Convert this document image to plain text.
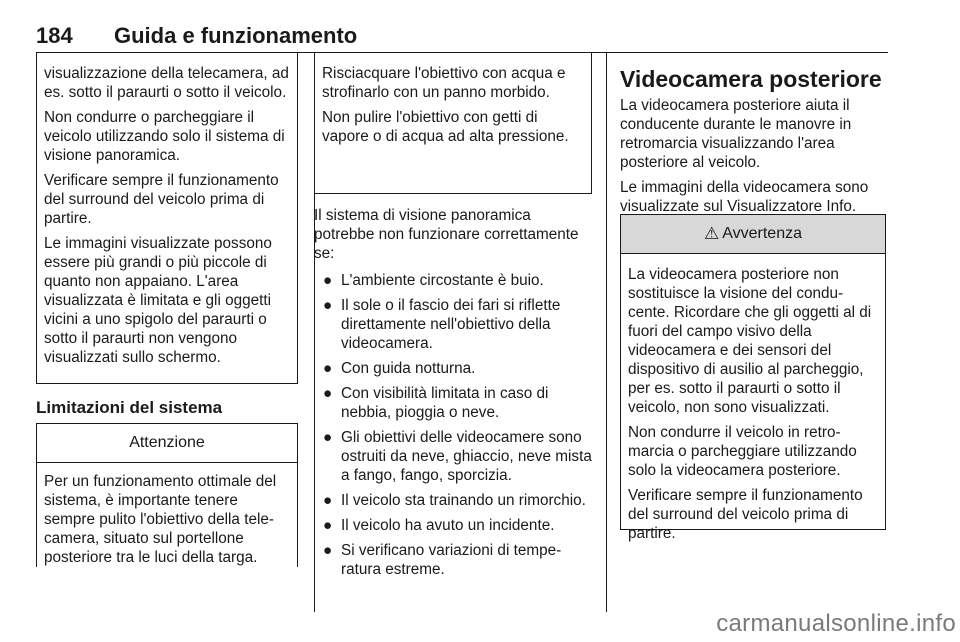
184 Guida e funzionamento

visualizzazione della telecamera, ad es. sotto il paraurti o sotto il veicolo.

Non condurre o parcheggiare il veicolo utilizzando solo il sistema di visione panoramica.

Verificare sempre il funzionamento del surround del veicolo prima di partire.

Le immagini visualizzate possono essere più grandi o più piccole di quanto non appaiano. L'area visualizzata è limitata e gli oggetti vicini a uno spigolo del paraurti o sotto il paraurti non vengono visualizzati sullo schermo.

Limitazioni del sistema
Attenzione

Per un funzionamento ottimale del sistema, è importante tenere sempre pulito l'obiettivo della telecamera, situato sul portellone posteriore tra le luci della targa.

Risciacquare l'obiettivo con acqua e strofinarlo con un panno morbido.

Non pulire l'obiettivo con getti di vapore o di acqua ad alta pressione.

Il sistema di visione panoramica potrebbe non funzionare correttamente se:

● L'ambiente circostante è buio.
● Il sole o il fascio dei fari si riflette direttamente nell'obiettivo della videocamera.
● Con guida notturna.
● Con visibilità limitata in caso di nebbia, pioggia o neve.
● Gli obiettivi delle videocamere sono ostruiti da neve, ghiaccio, neve mista a fango, fango, sporcizia.
● Il veicolo sta trainando un rimorchio.
● Il veicolo ha avuto un incidente.
● Si verificano variazioni di temperatura estreme.
Videocamera posteriore

La videocamera posteriore aiuta il conducente durante le manovre in retromarcia visualizzando l'area posteriore al veicolo.

Le immagini della videocamera sono visualizzate sul Visualizzatore Info.

⚠ Avvertenza

La videocamera posteriore non sostituisce la visione del conducente. Ricordare che gli oggetti al di fuori del campo visivo della videocamera e dei sensori del dispositivo di ausilio al parcheggio, per es. sotto il paraurti o sotto il veicolo, non sono visualizzati.

Non condurre il veicolo in retromarcia o parcheggiare utilizzando solo la videocamera posteriore.

Verificare sempre il funzionamento del surround del veicolo prima di partire.

carmanualsonline.info
